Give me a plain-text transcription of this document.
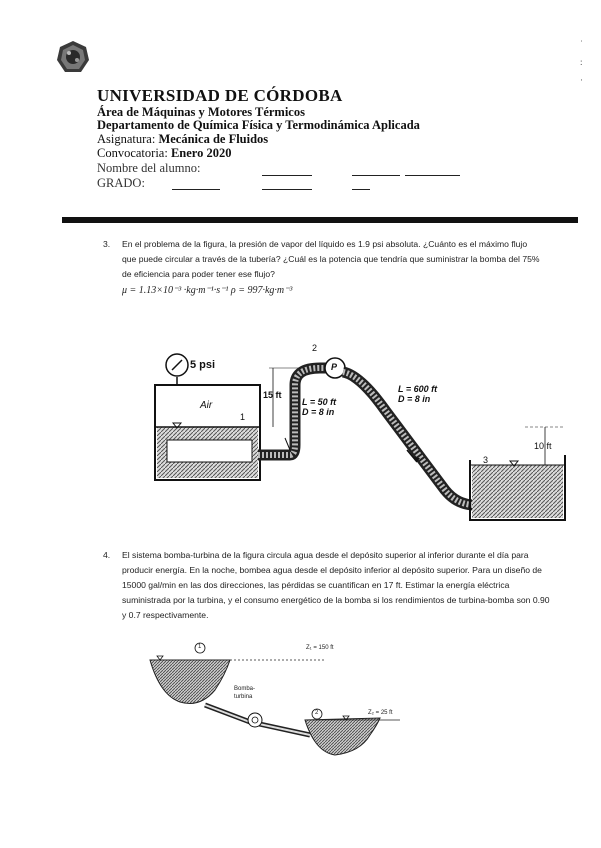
˙
:
·
UNIVERSIDAD DE CÓRDOBA
Área de Máquinas y Motores Térmicos
Departamento de Química Física y Termodinámica Aplicada
Asignatura: Mecánica de Fluidos
Convocatoria: Enero 2020
Nombre del alumno:
GRADO:
3. En el problema de la figura, la presión de vapor del líquido es 1.9 psi absoluta. ¿Cuánto es el máximo flujo que puede circular a través de la tubería? ¿Cuál es la potencia que tendría que suministrar la bomba del 75% de eficiencia para poder tener ese flujo?
μ = 1.13×10⁻³ ·kg·m⁻¹·s⁻¹ ρ = 997·kg·m⁻³
5 psi
Air
1
2
P
3
15 ft
L = 50 ft
D = 8 in
L = 600 ft
D = 8 in
10 ft
4. El sistema bomba-turbina de la figura circula agua desde el depósito superior al inferior durante el día para producir energía. En la noche, bombea agua desde el depósito inferior al depósito superior. Para un diseño de 15000 gal/min en las dos direcciones, las pérdidas se cuantifican en 17 ft. Estimar la energía eléctrica suministrada por la turbina, y el consumo energético de la bomba si los rendimientos de turbina-bomba son 0.90 y 0.7 respectivamente.
1
2
Z₁ = 150 ft
Z₂ = 25 ft
Bomba-
turbina
